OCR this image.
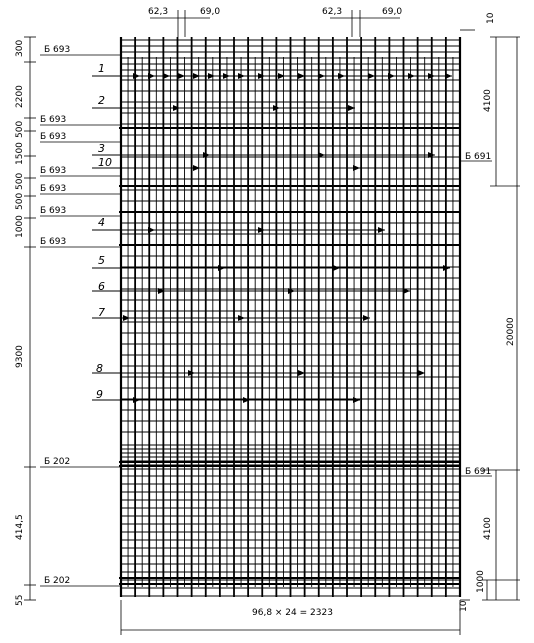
62,3	69,0	62,3	69,0
10
300
2200
500
1500
500
500
1000
9300
414,5
55
Б 693
Б 693
Б 693
Б 693
Б 693
Б 693
Б 693
Б 202
Б 202
Б 691
Б 691
1
2
3
10
4
5
6
7
8
9
4100
20000
4100
1000
10
96,8 × 24 = 2323
